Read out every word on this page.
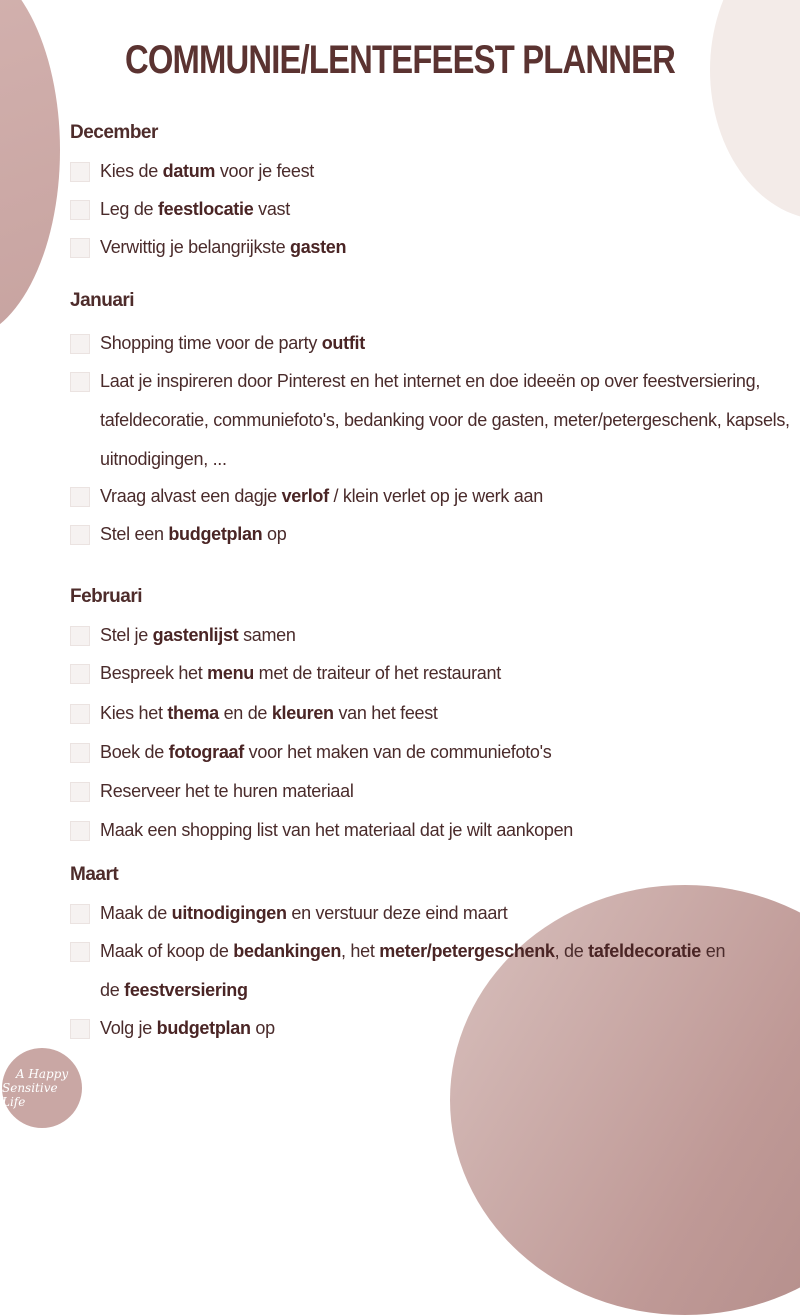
COMMUNIE/LENTEFEEST PLANNER
December
Kies de datum voor je feest
Leg de feestlocatie vast
Verwittig je belangrijkste gasten
Januari
Shopping time voor de party outfit
Laat je inspireren door Pinterest en het internet en doe ideeën op over feestversiering, tafeldecoratie, communiefoto's, bedanking voor de gasten, meter/petergeschenk, kapsels, uitnodigingen, ...
Vraag alvast een dagje verlof / klein verlet op je werk aan
Stel een budgetplan op
Februari
Stel je gastenlijst samen
Bespreek het menu met de traiteur of het restaurant
Kies het thema en de kleuren van het feest
Boek de fotograaf voor het maken van de communiefoto's
Reserveer het te huren materiaal
Maak een shopping list van het materiaal dat je wilt aankopen
Maart
Maak de uitnodigingen en verstuur deze eind maart
Maak of koop de bedankingen, het meter/petergeschenk, de tafeldecoratie en
de feestversiering
Volg je budgetplan op
A Happy
Sensitive Life
